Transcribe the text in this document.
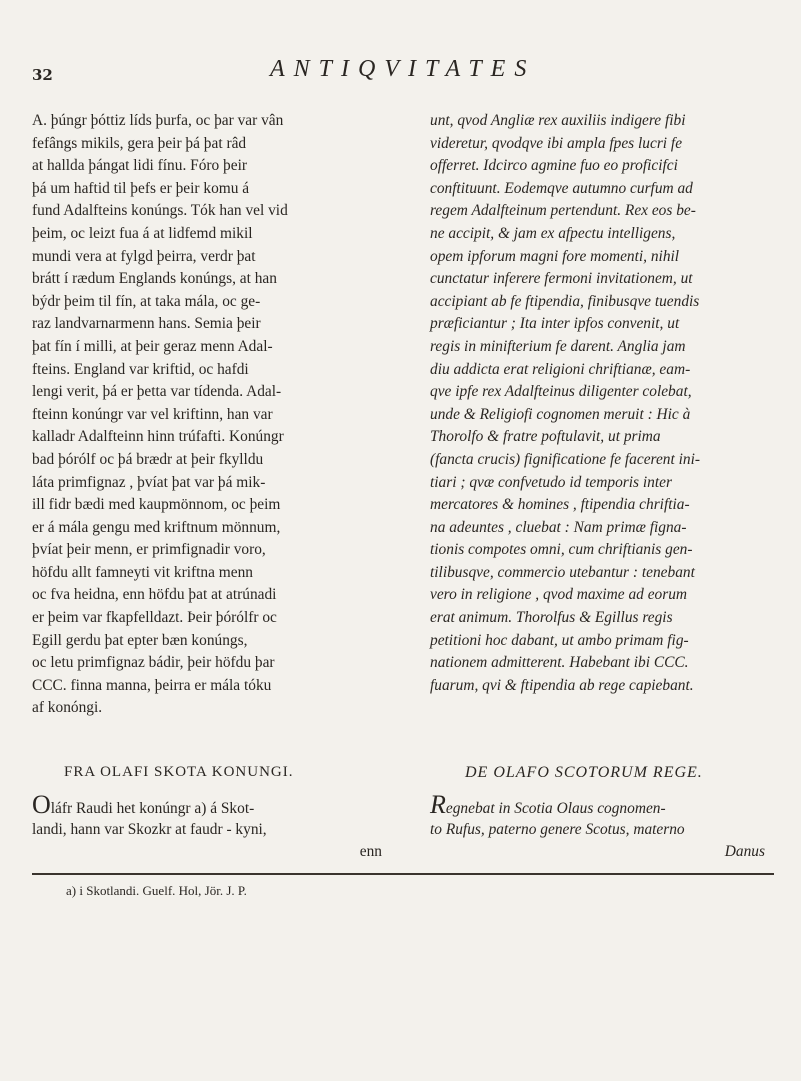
32	ANTIQVITATES
A. þúngr þóttiz líds þurfa, oc þar var vân
fefângs mikils, gera þeir þá þat râd
at hallda þángat lidi fínu. Fóro þeir
þá um haftid til þefs er þeir komu á
fund Adalfteins konúngs. Tók han vel vid
þeim, oc leizt fua á at lidfemd mikil
mundi vera at fylgd þeirra, verdr þat
brátt í rædum Englands konúngs, at han
býdr þeim til fín, at taka mála, oc ge-
raz landvarnarmenn hans. Semia þeir
þat fín í milli, at þeir geraz menn Adal-
fteins. England var kriftid, oc hafdi
lengi verit, þá er þetta var tídenda. Adal-
fteinn konúngr var vel kriftinn, han var
kalladr Adalfteinn hinn trúfafti. Konúngr
bad þórólf oc þá brædr at þeir fkylldu
láta primfignaz , þvíat þat var þá mik-
ill fidr bædi med kaupmönnom, oc þeim
er á mála gengu med kriftnum mönnum,
þvíat þeir menn, er primfignadir voro,
höfdu allt famneyti vit kriftna menn
oc fva heidna, enn höfdu þat at atrúnadi
er þeim var fkapfelldazt. Þeir þórólfr oc
Egill gerdu þat epter bæn konúngs,
oc letu primfignaz bádir, þeir höfdu þar
CCC. finna manna, þeirra er mála tóku
af konóngi.
unt, qvod Angliæ rex auxiliis indigere fibi
videretur, qvodqve ibi ampla fpes lucri fe
offerret. Idcirco agmine fuo eo proficifci
conftituunt. Eodemqve autumno curfum ad
regem Adalfteinum pertendunt. Rex eos be-
ne accipit, & jam ex afpectu intelligens,
opem ipforum magni fore momenti, nihil
cunctatur inferere fermoni invitationem, ut
accipiant ab fe ftipendia, finibusqve tuendis
præficiantur ; Ita inter ipfos convenit, ut
regis in minifterium fe darent. Anglia jam
diu addicta erat religioni chriftianæ, eam-
qve ipfe rex Adalfteinus diligenter colebat,
unde & Religiofi cognomen meruit : Hic à
Thorolfo & fratre poftulavit, ut prima
(fancta crucis) fignificatione fe facerent ini-
tiari ; qvæ confvetudo id temporis inter
mercatores & homines , ftipendia chriftia-
na adeuntes , cluebat : Nam primæ figna-
tionis compotes omni, cum chriftianis gen-
tilibusqve, commercio utebantur : tenebant
vero in religione , qvod maxime ad eorum
erat animum. Thorolfus & Egillus regis
petitioni hoc dabant, ut ambo primam fig-
nationem admitterent. Habebant ibi CCC.
fuarum, qvi & ftipendia ab rege capiebant.
FRA OLAFI SKOTA KONUNGI.	DE OLAFO SCOTORUM REGE.
Oláfr Raudi het konúngr a) á Skot-
landi, hann var Skozkr at faudr - kyni,
enn
Regnebat in Scotia Olaus cognomen-
to Rufus, paterno genere Scotus, materno
Danus
a) i Skotlandi. Guelf. Hol, Jör. J. P.
